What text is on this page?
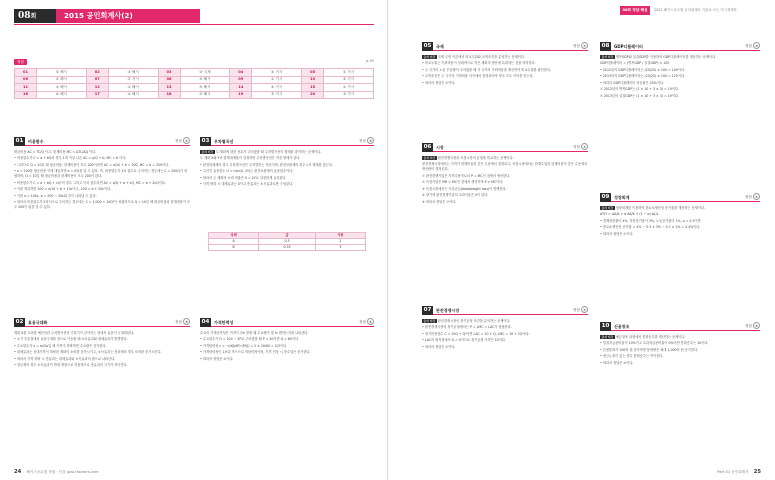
08회	2015 공인회계사(2)
정답	p.35
01	② 해시	02	③ 해시	03	③ 국제	04	④ 거시	05	② 거시
06	② 해시	07	② 거시	08	⑤ 해시	09	① 거시	10	② 거시
11	① 해시	12	① 해시	13	⑤ 해시	14	④ 거시	15	① 거시
16	④ 해시	17	④ 해시	18	② 해시	19	② 거시	20	③ 거시
01	비용함수	정답 ②

평균비용 AC = TC/Q 이고, 한계비용 MC = ΔTC/ΔQ 이다.

• 비용함수가 C = a + bQ의 경우 1개 이상 나온 AC = a/Q + b, MC = b 이다.

• 그러므로 Q = 10일 때 평균비용, 한계비용이 모두 200이라면 AC = a/10 + b = 200, MC = b = 200이다.

• a = 200을 평균비용 식에 대입하면 a = 0임을 알 수 있다. 즉, 비용함수가 1차 함수로 주어지는 경우에는 C = 200Q가 성립하며, Q = 10일 때 평균비용과 한계비용이 모두 200이 된다.

• 비용함수가 C = a + bQ + cQ²의 경우 그리고 이차 함수라면 AC = a/Q + b + cQ, MC = b + 2cQ이다.

• 이를 정리하면 200 = a/10 + b + 10c이고, 200 = b + 20c이다.

• 이를 a = 100c, b = 200 − 20c와 같이 나타낼 수 있다.

• 따라서 비용함수가 2차식으로 주어지는 경우에는 C = 1,000 + 10Q²이 성립하므로 Q = 10일 때 평균비용과 한계비용이 모두 200이 됨을 알 수 있다.

02	효용극대화	정답 ③

재화 X를 고려한 예산선과 무차별곡선의 기울기가 같아지는 점에서 효용이 극대화된다.

• 초기 부존점에서 효용극대화 점으로 이동할 때 소득효과와 대체효과가 발생한다.

• 수요함수가 x = m/2p일 때 가격이 하락하면 수요량은 증가한다.

• 대체효과는 상대가격이 하락한 재화의 소비를 증가시키고, 소득효과는 정상재의 경우 소비를 증가시킨다.

• 따라서 가격 하락 시 총효과는 대체효과와 소득효과의 합으로 나타난다.

• 열등재의 경우 소득효과가 반대 방향으로 작용하므로 총효과의 크기가 작아진다.

03	무차별곡선	정답 ③

출제 배경 두 재화에 대한 선호가 주어졌을 때 무차별곡선의 형태를 파악하는 문제이다.

두 재화 X와 Y의 한계대체율이 일정하면 무차별곡선은 직선 형태가 된다.

• 완전대체재의 경우 무차별곡선은 우하향하는 직선이며, 완전보완재의 경우 L자 형태를 갖는다.

• 주어진 효용함수 U = min(X, 2Y)는 완전보완재의 효용함수이다.

• 따라서 두 재화의 소비 비율은 X = 2Y로 일정하게 유지된다.

• 가격 변화 시 대체효과는 0이고 총효과는 소득효과로만 구성된다.

상태	갑	사용
A	0.3	2
B	0.33	3
04	가격탄력성	정답 ④

수요의 가격탄력성은 가격이 1% 변할 때 수요량이 몇 % 변하는지를 나타낸다.

• 수요함수가 Q = 100 − 2P로 주어졌을 때 P = 20이면 Q = 60이다.

• 가격탄력성 ε = −(dQ/dP)·(P/Q) = 2 × 20/60 = 2/3이다.

• 가격탄력성이 1보다 작으므로 비탄력적이며, 가격 인상 시 총수입은 증가한다.

• 따라서 정답은 ④이다.

24 해커스공무원 학원 · 인강 gosi.Hackers.com
08회 정답·해설	2021 해커스공무원 공인회계사 기출로 보는 미시경제학
05	국제	정답 ②

출제 배경 국제 무역 이론에서 비교우위와 교역조건을 분석하는 문제이다.

• 비교우위는 기회비용이 상대적으로 작은 재화의 생산에 특화하는 것을 의미한다.

• 두 국가의 노동 투입량이 주어졌을 때 각 국가의 기회비용을 계산하여 비교우위를 판단한다.

• 교역조건은 두 국가의 기회비용 사이에서 결정되어야 양국 모두 이익을 얻는다.

• 따라서 정답은 ②이다.

06	시장	정답 ②

출제 배경 완전경쟁시장과 독점시장의 균형을 비교하는 문제이다.

완전경쟁시장에서는 가격이 한계비용과 같은 수준에서 결정되고, 독점시장에서는 한계수입과 한계비용이 같은 수준에서 생산량이 결정된다.

① 완전경쟁기업은 가격수용자로서 P = MC인 점에서 생산한다.

② 독점기업은 MR = MC인 점에서 생산하며 P > MC이다.

③ 독점시장에서는 사중손실(deadweight loss)이 발생한다.

④ 장기에 완전경쟁기업의 초과이윤은 0이 된다.

⑤ 따라서 정답은 ②이다.

07	완전경쟁시장	정답 ②

출제 배경 완전경쟁시장의 장기균형 조건을 분석하는 문제이다.

• 완전경쟁시장의 장기균형에서는 P = LMC = LAC가 성립한다.

• 장기비용함수 C = 10Q + Q²이면 LAC = 10 + Q, LMC = 10 + 2Q이다.

• LAC의 최저점에서 Q = 0이므로 장기균형 가격은 10이다.

• 따라서 정답은 ②이다.

08	GDP디플레이터	정답 ⑤

출제 배경 명목GDP와 실질GDP를 이용하여 GDP디플레이터를 계산하는 문제이다.

GDP디플레이터 = (명목GDP / 실질GDP) × 100

• 2012년의 GDP디플레이터는 (20/20) × 100 = 100이다.

• 2013년의 GDP디플레이터는 (25/20) × 100 = 125이다.

• 따라서 GDP디플레이터 상승률은 25%이다.

① 2012년의 명목GDP는 (1 × 10 + 3 × 3) = 19이다.

② 2013년의 실질GDP는 (1 × 10 + 3 × 3) = 19이다.

09	성장회계	정답 ①

출제 배경 성장회계를 이용하여 총요소생산성 증가율을 계산하는 문제이다.

ΔY/Y = ΔA/A + α·ΔK/K + (1 − α)·ΔL/L

• 경제성장률이 4%, 자본증가율이 3%, 노동증가율이 1%, α = 0.3이면

• 총요소생산성 증가율 = 4% − 0.3 × 3% − 0.7 × 1% = 2.4%이다.

• 따라서 정답은 ①이다.

10	신용창조	정답 ④

출제 배경 예금창조 과정에서 통화승수를 계산하는 문제이다.

• 법정지급준비율이 10%이고 초과지급준비율이 0%이면 통화승수는 10이다.

• 본원통화가 100억 원 증가하면 통화량은 최대 1,000억 원 증가한다.

• 현금누출이 있는 경우 통화승수는 작아진다.

• 따라서 정답은 ④이다.

Part 01 공인회계사 25
